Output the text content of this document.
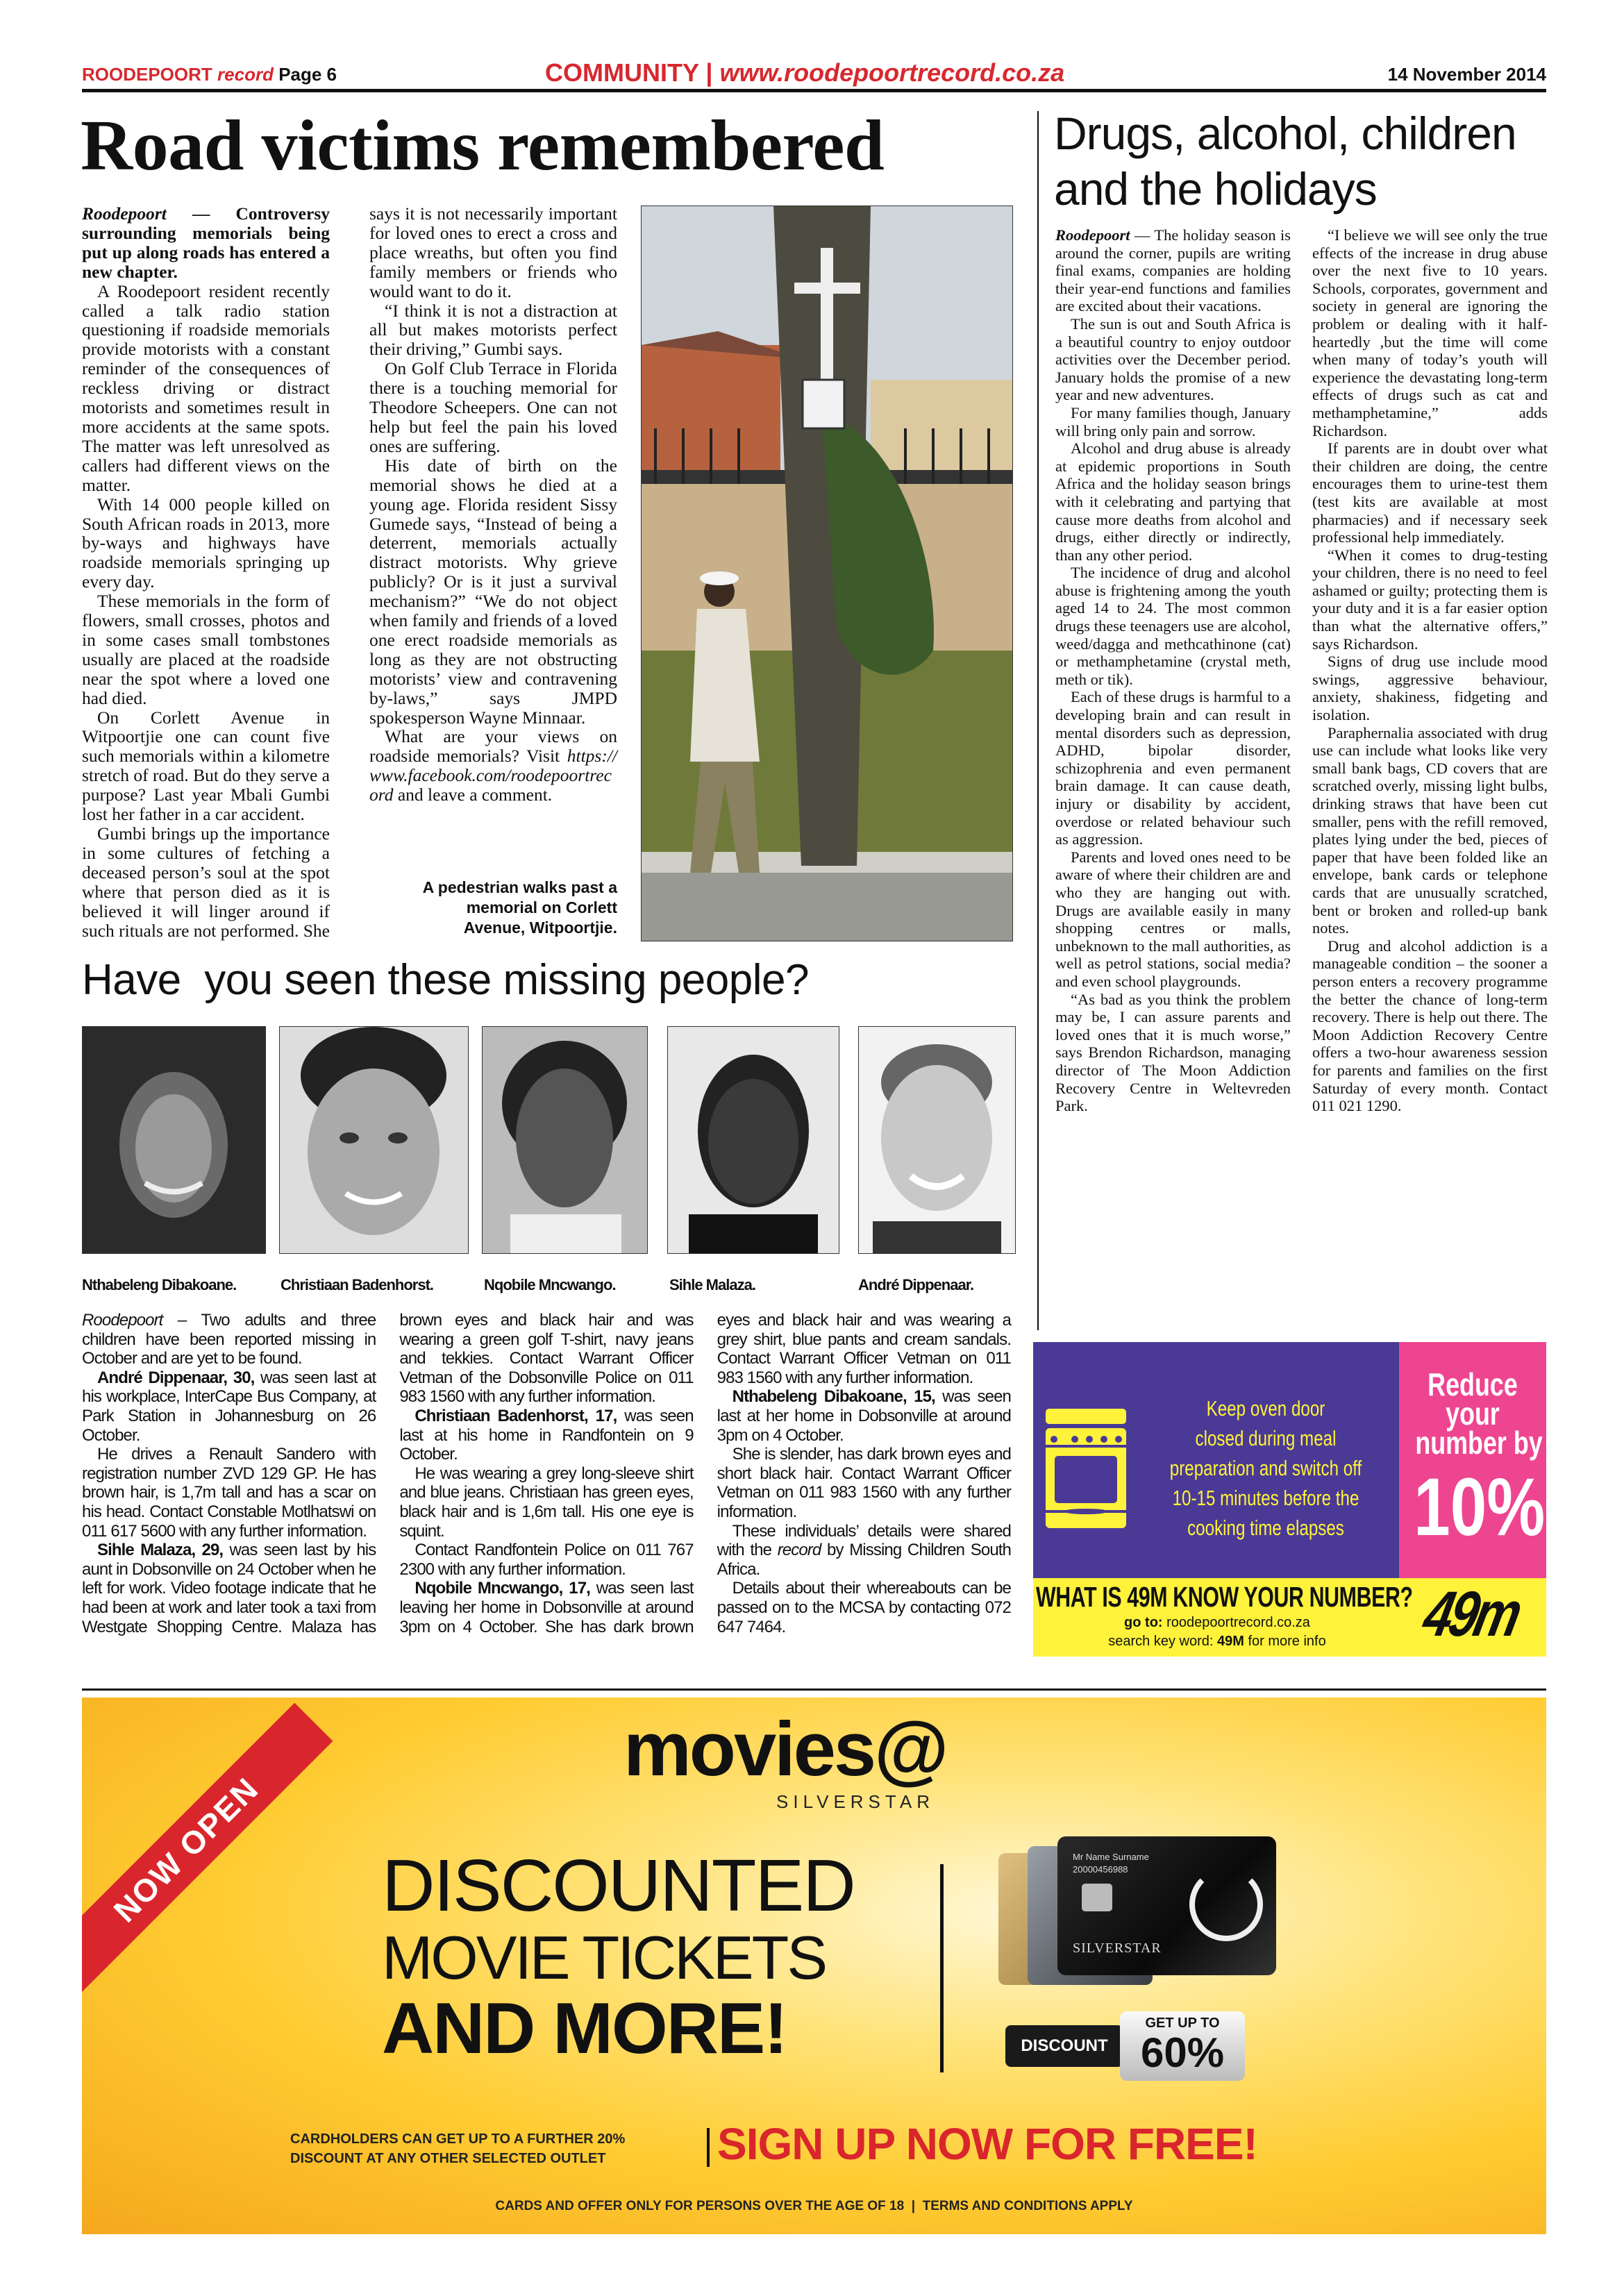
ROODEPOORT record Page 6	COMMUNITY | www.roodepoortrecord.co.za	14 November 2014
Road victims remembered

Roodepoort — Controversy surrounding memorials being put up along roads has entered a new chapter.

A Roodepoort resident recently called a talk radio station questioning if roadside memorials provide motorists with a constant reminder of the consequences of reckless driving or distract motorists and sometimes result in more accidents at the same spots. The matter was left unresolved as callers had different views on the matter.

With 14 000 people killed on South African roads in 2013, more by-ways and highways have roadside memorials springing up every day.

These memorials in the form of flowers, small crosses, photos and in some cases small tombstones usually are placed at the roadside near the spot where a loved one had died.

On Corlett Avenue in Witpoortjie one can count five such memorials within a kilometre stretch of road. But do they serve a purpose? Last year Mbali Gumbi lost her father in a car accident.

Gumbi brings up the importance in some cultures of fetching a deceased person’s soul at the spot where that person died as it is believed it will linger around if such rituals are not performed. She says it is not necessarily important for loved ones to erect a cross and place wreaths, but often you find family members or friends who would want to do it.

“I think it is not a distraction at all but makes motorists perfect their driving,” Gumbi says.

On Golf Club Terrace in Florida there is a touching memorial for Theodore Scheepers. One can not help but feel the pain his loved ones are suffering.

His date of birth on the memorial shows he died at a young age. Florida resident Sissy Gumede says, “Instead of being a deterrent, memorials actually distract motorists. Why grieve publicly? Or is it just a survival mechanism?” “We do not object when family and friends of a loved one erect roadside memorials as long as they are not obstructing motorists’ view and contravening by-laws,” says JMPD spokesperson Wayne Minnaar.

What are your views on roadside memorials? Visit https://www.facebook.com/roodepoortrecord and leave a comment.

A pedestrian walks past a memorial on Corlett Avenue, Witpoortjie.
Drugs, alcohol, children and the holidays

Roodepoort — The holiday season is around the corner, pupils are writing final exams, companies are holding their year-end functions and families are excited about their vacations.

The sun is out and South Africa is a beautiful country to enjoy outdoor activities over the December period. January holds the promise of a new year and new adventures.

For many families though, January will bring only pain and sorrow.

Alcohol and drug abuse is already at epidemic proportions in South Africa and the holiday season brings with it celebrating and partying that cause more deaths from alcohol and drugs, either directly or indirectly, than any other period.

The incidence of drug and alcohol abuse is frightening among the youth aged 14 to 24. The most common drugs these teenagers use are alcohol, weed/dagga and methcathinone (cat) or methamphetamine (crystal meth, meth or tik).

Each of these drugs is harmful to a developing brain and can result in mental disorders such as depression, ADHD, bipolar disorder, schizophrenia and even permanent brain damage. It can cause death, injury or disability by accident, overdose or related behaviour such as aggression.

Parents and loved ones need to be aware of where their children are and who they are hanging out with. Drugs are available easily in many shopping centres or malls, unbeknown to the mall authorities, as well as petrol stations, social media? and even school playgrounds.

“As bad as you think the problem may be, I can assure parents and loved ones that it is much worse,” says Brendon Richardson, managing director of The Moon Addiction Recovery Centre in Weltevreden Park.

“I believe we will see only the true effects of the increase in drug abuse over the next five to 10 years. Schools, corporates, government and society in general are ignoring the problem or dealing with it half-heartedly ,but the time will come when many of today’s youth will experience the devastating long-term effects of drugs such as cat and methamphetamine,” adds Richardson.

If parents are in doubt over what their children are doing, the centre encourages them to urine-test them (test kits are available at most pharmacies) and if necessary seek professional help immediately.

“When it comes to drug-testing your children, there is no need to feel ashamed or guilty; protecting them is your duty and it is a far easier option than what the alternative offers,” says Richardson.

Signs of drug use include mood swings, aggressive behaviour, anxiety, shakiness, fidgeting and isolation.

Paraphernalia associated with drug use can include what looks like very small bank bags, CD covers that are scratched overly, missing light bulbs, drinking straws that have been cut smaller, pens with the refill removed, plates lying under the bed, pieces of paper that have been folded like an envelope, bank cards or telephone cards that are unusually scratched, bent or broken and rolled-up bank notes.

Drug and alcohol addiction is a manageable condition – the sooner a person enters a recovery programme the better the chance of long-term recovery. There is help out there. The Moon Addiction Recovery Centre offers a two-hour awareness session for parents and families on the first Saturday of every month. Contact 011 021 1290.

Have  you seen these missing people?
Nthabeleng Dibakoane.	Christiaan Badenhorst.	Nqobile Mncwango.	Sihle Malaza.	André Dippenaar.

Roodepoort – Two adults and three children have been reported missing in October and are yet to be found.

André Dippenaar, 30, was seen last at his workplace, InterCape Bus Company, at Park Station in Johannesburg on 26 October.

He drives a Renault Sandero with registration number ZVD 129 GP. He has brown hair, is 1,7m tall and has a scar on his head. Contact Constable Motlhatswi on 011 617 5600 with any further information.

Sihle Malaza, 29, was seen last by his aunt in Dobsonville on 24 October when he left for work. Video footage indicate that he had been at work and later took a taxi from Westgate Shopping Centre. Malaza has brown eyes and black hair and was wearing a green golf T-shirt, navy jeans and tekkies. Contact Warrant Officer Vetman of the Dobsonville Police on 011 983 1560 with any further information.

Christiaan Badenhorst, 17, was seen last at his home in Randfontein on 9 October.

He was wearing a grey long-sleeve shirt and blue jeans. Christiaan has green eyes, black hair and is 1,6m tall. His one eye is squint.

Contact Randfontein Police on 011 767 2300 with any further information.

Nqobile Mncwango, 17, was seen last leaving her home in Dobsonville at around 3pm on 4 October. She has dark brown eyes and black hair and was wearing a grey shirt, blue pants and cream sandals. Contact Warrant Officer Vetman on 011 983 1560 with any further information.

Nthabeleng Dibakoane, 15, was seen last at her home in Dobsonville at around 3pm on 4 October.

She is slender, has dark brown eyes and short black hair. Contact Warrant Officer Vetman on 011 983 1560 with any further information.

These individuals’ details were shared with the record by Missing Children South Africa.

Details about their whereabouts can be passed on to the MCSA by contacting 072 647 7464.

Keep oven door
closed during meal
preparation and switch off
10-15 minutes before the
cooking time elapses
Reduce
your
number by
10%
WHAT IS 49M KNOW YOUR NUMBER?
go to: roodepoortrecord.co.za
search key word: 49M for more info	49m
NOW OPEN
movies@
SILVERSTAR
DISCOUNTED
MOVIE TICKETS
AND MORE!
Mr Name Surname
20000456988
SILVERSTAR
DISCOUNT
GET UP TO
60%
CARDHOLDERS CAN GET UP TO A FURTHER 20%
DISCOUNT AT ANY OTHER SELECTED OUTLET	SIGN UP NOW FOR FREE!
CARDS AND OFFER ONLY FOR PERSONS OVER THE AGE OF 18  |  TERMS AND CONDITIONS APPLY
